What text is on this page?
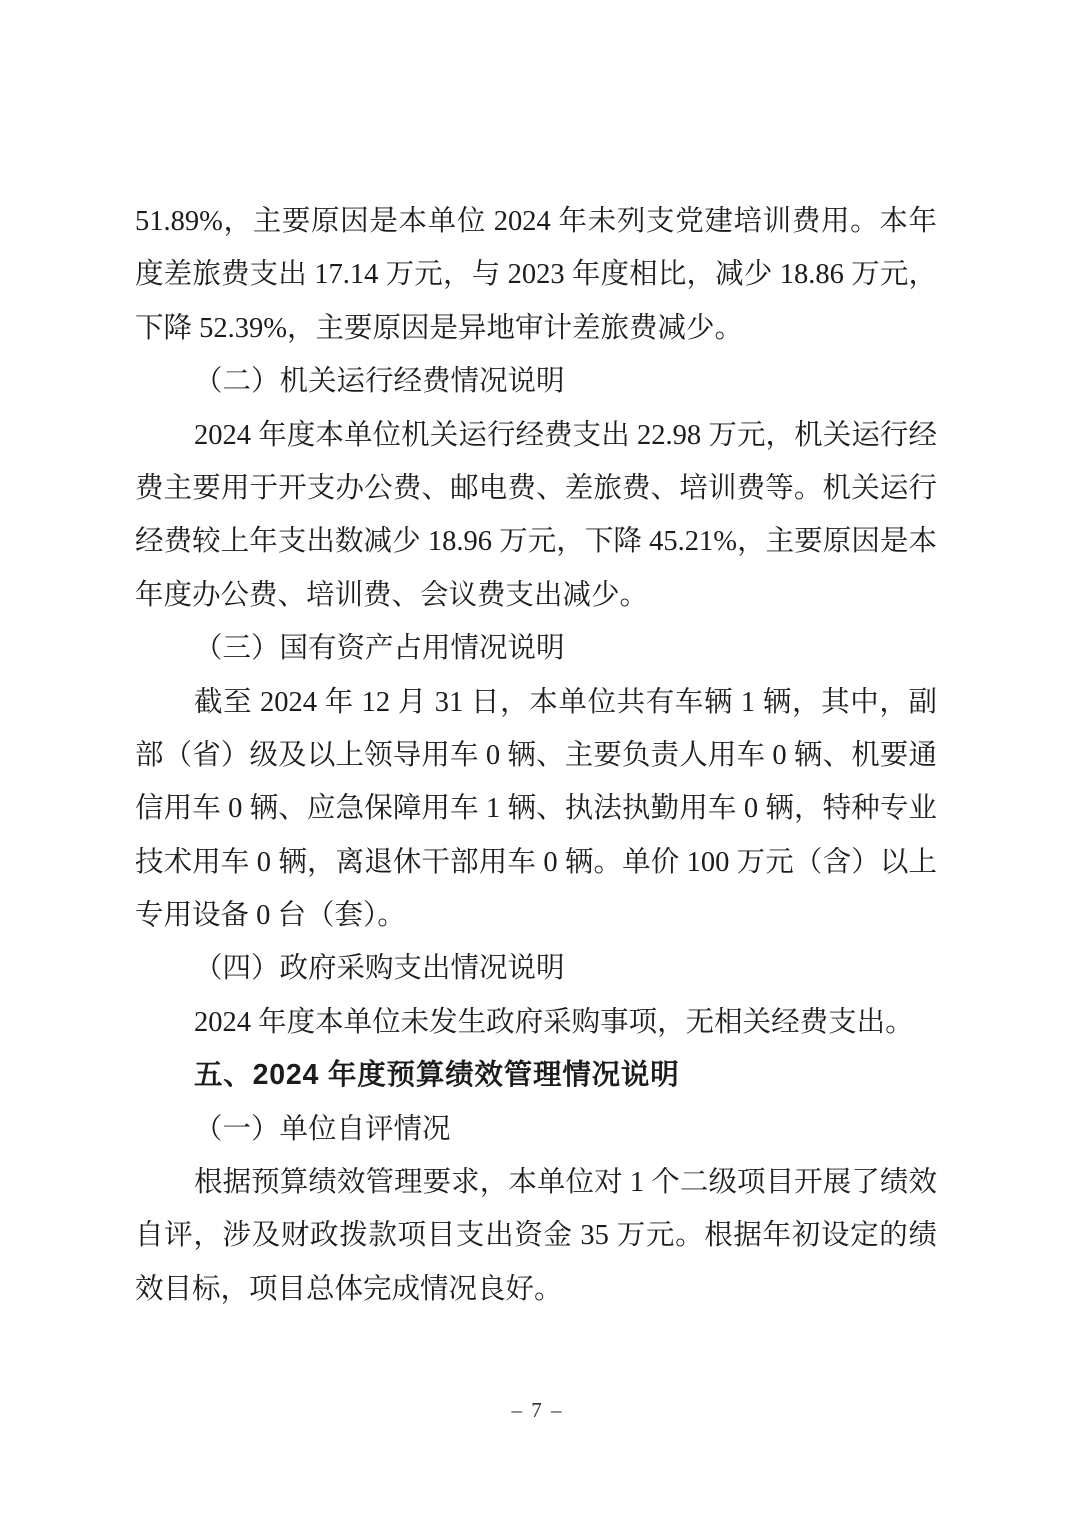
51.89%，主要原因是本单位 2024 年未列支党建培训费用。本年
度差旅费支出 17.14 万元，与 2023 年度相比，减少 18.86 万元，
下降 52.39%，主要原因是异地审计差旅费减少。
（二）机关运行经费情况说明
2024 年度本单位机关运行经费支出 22.98 万元，机关运行经
费主要用于开支办公费、邮电费、差旅费、培训费等。机关运行
经费较上年支出数减少 18.96 万元，下降 45.21%，主要原因是本
年度办公费、培训费、会议费支出减少。
（三）国有资产占用情况说明
截至 2024 年 12 月 31 日，本单位共有车辆 1 辆，其中，副
部（省）级及以上领导用车 0 辆、主要负责人用车 0 辆、机要通
信用车 0 辆、应急保障用车 1 辆、执法执勤用车 0 辆，特种专业
技术用车 0 辆，离退休干部用车 0 辆。单价 100 万元（含）以上
专用设备 0 台（套）。
（四）政府采购支出情况说明
2024 年度本单位未发生政府采购事项，无相关经费支出。
五、2024 年度预算绩效管理情况说明
（一）单位自评情况
根据预算绩效管理要求，本单位对 1 个二级项目开展了绩效
自评，涉及财政拨款项目支出资金 35 万元。根据年初设定的绩
效目标，项目总体完成情况良好。
– 7 –
